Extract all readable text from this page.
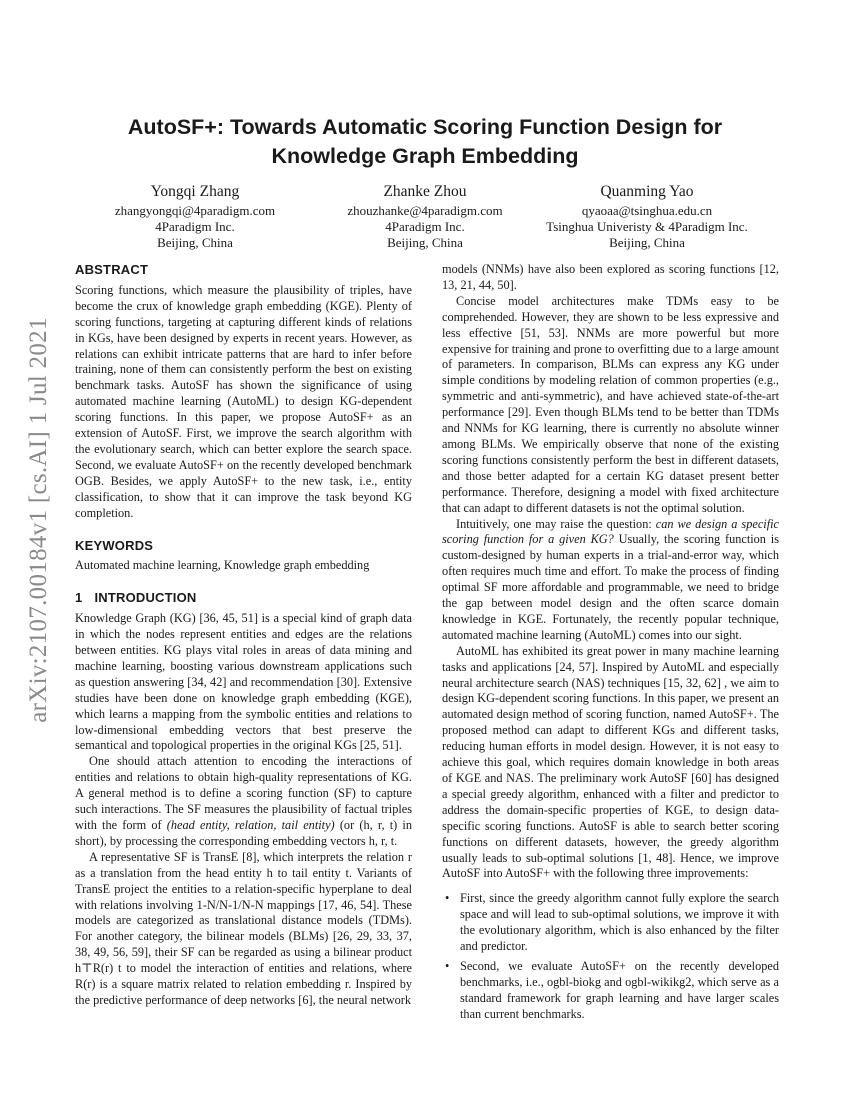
arXiv:2107.00184v1 [cs.AI] 1 Jul 2021
AutoSF+: Towards Automatic Scoring Function Design for Knowledge Graph Embedding
Yongqi Zhang
zhangyongqi@4paradigm.com
4Paradigm Inc.
Beijing, China
Zhanke Zhou
zhouzhanke@4paradigm.com
4Paradigm Inc.
Beijing, China
Quanming Yao
qyaoaa@tsinghua.edu.cn
Tsinghua Univeristy & 4Paradigm Inc.
Beijing, China
ABSTRACT

Scoring functions, which measure the plausibility of triples, have become the crux of knowledge graph embedding (KGE). Plenty of scoring functions, targeting at capturing different kinds of relations in KGs, have been designed by experts in recent years. However, as relations can exhibit intricate patterns that are hard to infer before training, none of them can consistently perform the best on existing benchmark tasks. AutoSF has shown the significance of using automated machine learning (AutoML) to design KG-dependent scoring functions. In this paper, we propose AutoSF+ as an extension of AutoSF. First, we improve the search algorithm with the evolutionary search, which can better explore the search space. Second, we evaluate AutoSF+ on the recently developed benchmark OGB. Besides, we apply AutoSF+ to the new task, i.e., entity classification, to show that it can improve the task beyond KG completion.

KEYWORDS

Automated machine learning, Knowledge graph embedding

1 INTRODUCTION

Knowledge Graph (KG) [36, 45, 51] is a special kind of graph data in which the nodes represent entities and edges are the relations between entities. KG plays vital roles in areas of data mining and machine learning, boosting various downstream applications such as question answering [34, 42] and recommendation [30]. Extensive studies have been done on knowledge graph embedding (KGE), which learns a mapping from the symbolic entities and relations to low-dimensional embedding vectors that best preserve the semantical and topological properties in the original KGs [25, 51].

One should attach attention to encoding the interactions of entities and relations to obtain high-quality representations of KG. A general method is to define a scoring function (SF) to capture such interactions. The SF measures the plausibility of factual triples with the form of (head entity, relation, tail entity) (or (h, r, t) in short), by processing the corresponding embedding vectors h, r, t.

A representative SF is TransE [8], which interprets the relation r as a translation from the head entity h to tail entity t. Variants of TransE project the entities to a relation-specific hyperplane to deal with relations involving 1-N/N-1/N-N mappings [17, 46, 54]. These models are categorized as translational distance models (TDMs). For another category, the bilinear models (BLMs) [26, 29, 33, 37, 38, 49, 56, 59], their SF can be regarded as using a bilinear product h⊤R(r) t to model the interaction of entities and relations, where R(r) is a square matrix related to relation embedding r. Inspired by the predictive performance of deep networks [6], the neural network

models (NNMs) have also been explored as scoring functions [12, 13, 21, 44, 50].

Concise model architectures make TDMs easy to be comprehended. However, they are shown to be less expressive and less effective [51, 53]. NNMs are more powerful but more expensive for training and prone to overfitting due to a large amount of parameters. In comparison, BLMs can express any KG under simple conditions by modeling relation of common properties (e.g., symmetric and anti-symmetric), and have achieved state-of-the-art performance [29]. Even though BLMs tend to be better than TDMs and NNMs for KG learning, there is currently no absolute winner among BLMs. We empirically observe that none of the existing scoring functions consistently perform the best in different datasets, and those better adapted for a certain KG dataset present better performance. Therefore, designing a model with fixed architecture that can adapt to different datasets is not the optimal solution.

Intuitively, one may raise the question: can we design a specific scoring function for a given KG? Usually, the scoring function is custom-designed by human experts in a trial-and-error way, which often requires much time and effort. To make the process of finding optimal SF more affordable and programmable, we need to bridge the gap between model design and the often scarce domain knowledge in KGE. Fortunately, the recently popular technique, automated machine learning (AutoML) comes into our sight.

AutoML has exhibited its great power in many machine learning tasks and applications [24, 57]. Inspired by AutoML and especially neural architecture search (NAS) techniques [15, 32, 62] , we aim to design KG-dependent scoring functions. In this paper, we present an automated design method of scoring function, named AutoSF+. The proposed method can adapt to different KGs and different tasks, reducing human efforts in model design. However, it is not easy to achieve this goal, which requires domain knowledge in both areas of KGE and NAS. The preliminary work AutoSF [60] has designed a special greedy algorithm, enhanced with a filter and predictor to address the domain-specific properties of KGE, to design data-specific scoring functions. AutoSF is able to search better scoring functions on different datasets, however, the greedy algorithm usually leads to sub-optimal solutions [1, 48]. Hence, we improve AutoSF into AutoSF+ with the following three improvements:

• First, since the greedy algorithm cannot fully explore the search space and will lead to sub-optimal solutions, we improve it with the evolutionary algorithm, which is also enhanced by the filter and predictor.
• Second, we evaluate AutoSF+ on the recently developed benchmarks, i.e., ogbl-biokg and ogbl-wikikg2, which serve as a standard framework for graph learning and have larger scales than current benchmarks.
